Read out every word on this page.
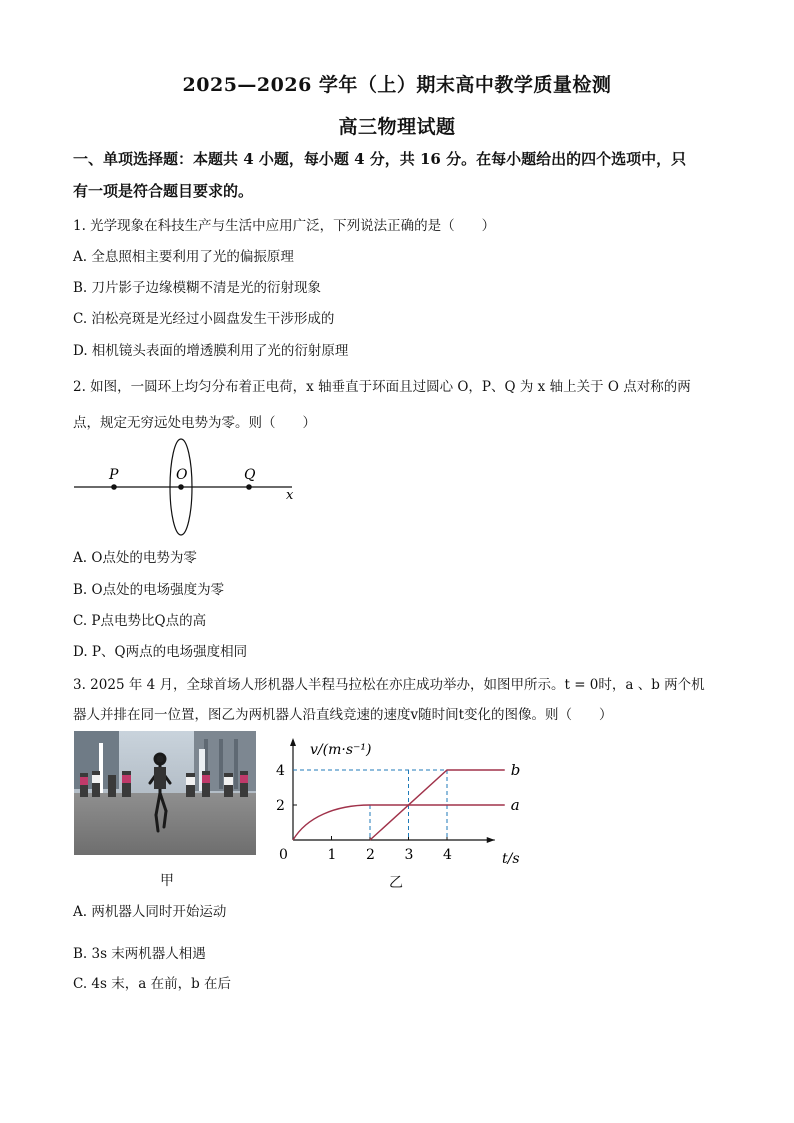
2025—2026 学年（上）期末高中教学质量检测
高三物理试题
一、单项选择题：本题共 4 小题，每小题 4 分，共 16 分。在每小题给出的四个选项中，只
有一项是符合题目要求的。
1. 光学现象在科技生产与生活中应用广泛，下列说法正确的是（　　）
A. 全息照相主要利用了光的偏振原理
B. 刀片影子边缘模糊不清是光的衍射现象
C. 泊松亮斑是光经过小圆盘发生干涉形成的
D. 相机镜头表面的增透膜利用了光的衍射原理
2. 如图，一圆环上均匀分布着正电荷，x 轴垂直于环面且过圆心 O，P、Q 为 x 轴上关于 O 点对称的两
点，规定无穷远处电势为零。则（　　）
P	O	Q
x
A. O点处的电势为零
B. O点处的电场强度为零
C. P点电势比Q点的高
D. P、Q两点的电场强度相同
3. 2025 年 4 月，全球首场人形机器人半程马拉松在亦庄成功举办，如图甲所示。t = 0时，a 、b 两个机
器人并排在同一位置，图乙为两机器人沿直线竞速的速度v随时间t变化的图像。则（　　）
0	1 2 3 4
2
4
a
b
v/(m·s⁻¹)
t/s
甲	乙
A. 两机器人同时开始运动
B. 3s 末两机器人相遇
C. 4s 末，a 在前，b 在后
